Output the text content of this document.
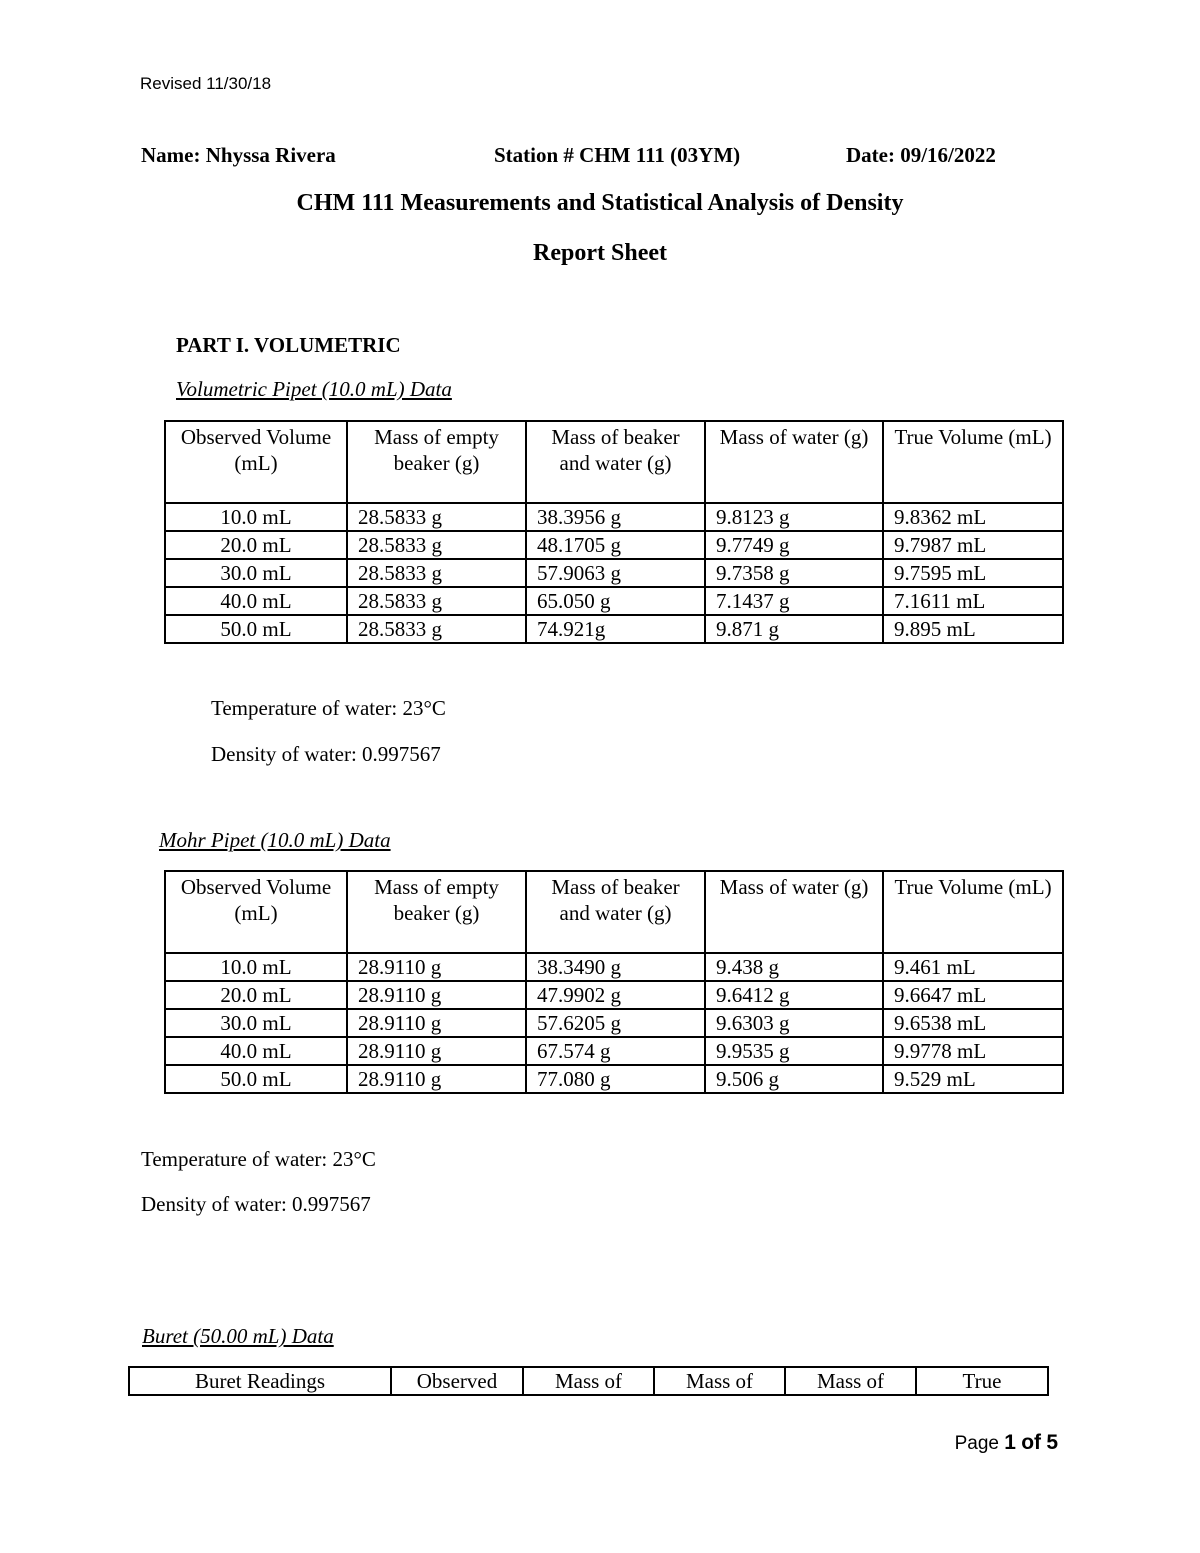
Revised 11/30/18
Name: Nhyssa Rivera	Station # CHM 111 (03YM)	Date: 09/16/2022
CHM 111 Measurements and Statistical Analysis of Density
Report Sheet
PART I. VOLUMETRIC
Volumetric Pipet (10.0 mL) Data
Observed Volume (mL)	Mass of empty beaker (g)	Mass of beaker and water (g)	Mass of water (g)	True Volume (mL)
10.0 mL	28.5833 g	38.3956 g	9.8123 g	9.8362 mL
20.0 mL	28.5833 g	48.1705 g	9.7749 g	9.7987 mL
30.0 mL	28.5833 g	57.9063 g	9.7358 g	9.7595 mL
40.0 mL	28.5833 g	65.050 g	7.1437 g	7.1611 mL
50.0 mL	28.5833 g	74.921g	9.871 g	9.895 mL
Temperature of water: 23°C
Density of water: 0.997567
Mohr Pipet (10.0 mL) Data
Observed Volume (mL)	Mass of empty beaker (g)	Mass of beaker and water (g)	Mass of water (g)	True Volume (mL)
10.0 mL	28.9110 g	38.3490 g	9.438 g	9.461 mL
20.0 mL	28.9110 g	47.9902 g	9.6412 g	9.6647 mL
30.0 mL	28.9110 g	57.6205 g	9.6303 g	9.6538 mL
40.0 mL	28.9110 g	67.574 g	9.9535 g	9.9778 mL
50.0 mL	28.9110 g	77.080 g	9.506 g	9.529 mL
Temperature of water: 23°C
Density of water: 0.997567
Buret (50.00 mL) Data
Buret Readings	Observed	Mass of	Mass of	Mass of	True
Page 1 of 5
